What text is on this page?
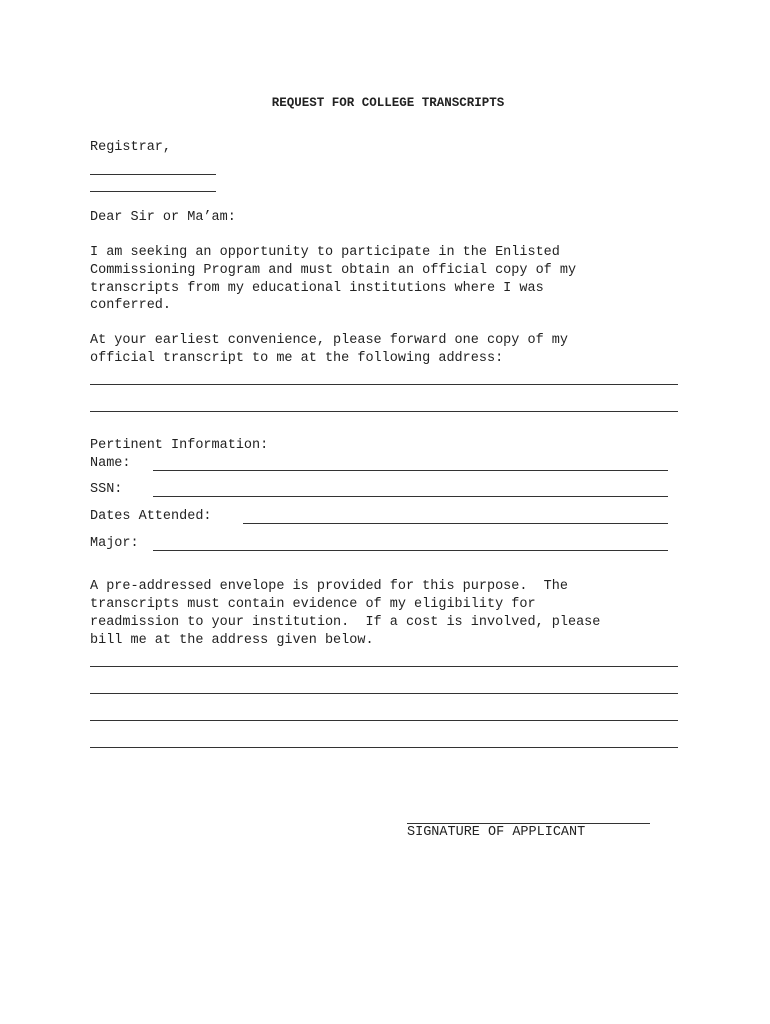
REQUEST FOR COLLEGE TRANSCRIPTS
Registrar,
Dear Sir or Ma’am:
I am seeking an opportunity to participate in the Enlisted
Commissioning Program and must obtain an official copy of my
transcripts from my educational institutions where I was
conferred.
At your earliest convenience, please forward one copy of my
official transcript to me at the following address:
Pertinent Information:
Name:
SSN:
Dates Attended:
Major:
A pre-addressed envelope is provided for this purpose.  The
transcripts must contain evidence of my eligibility for
readmission to your institution.  If a cost is involved, please
bill me at the address given below.
SIGNATURE OF APPLICANT
